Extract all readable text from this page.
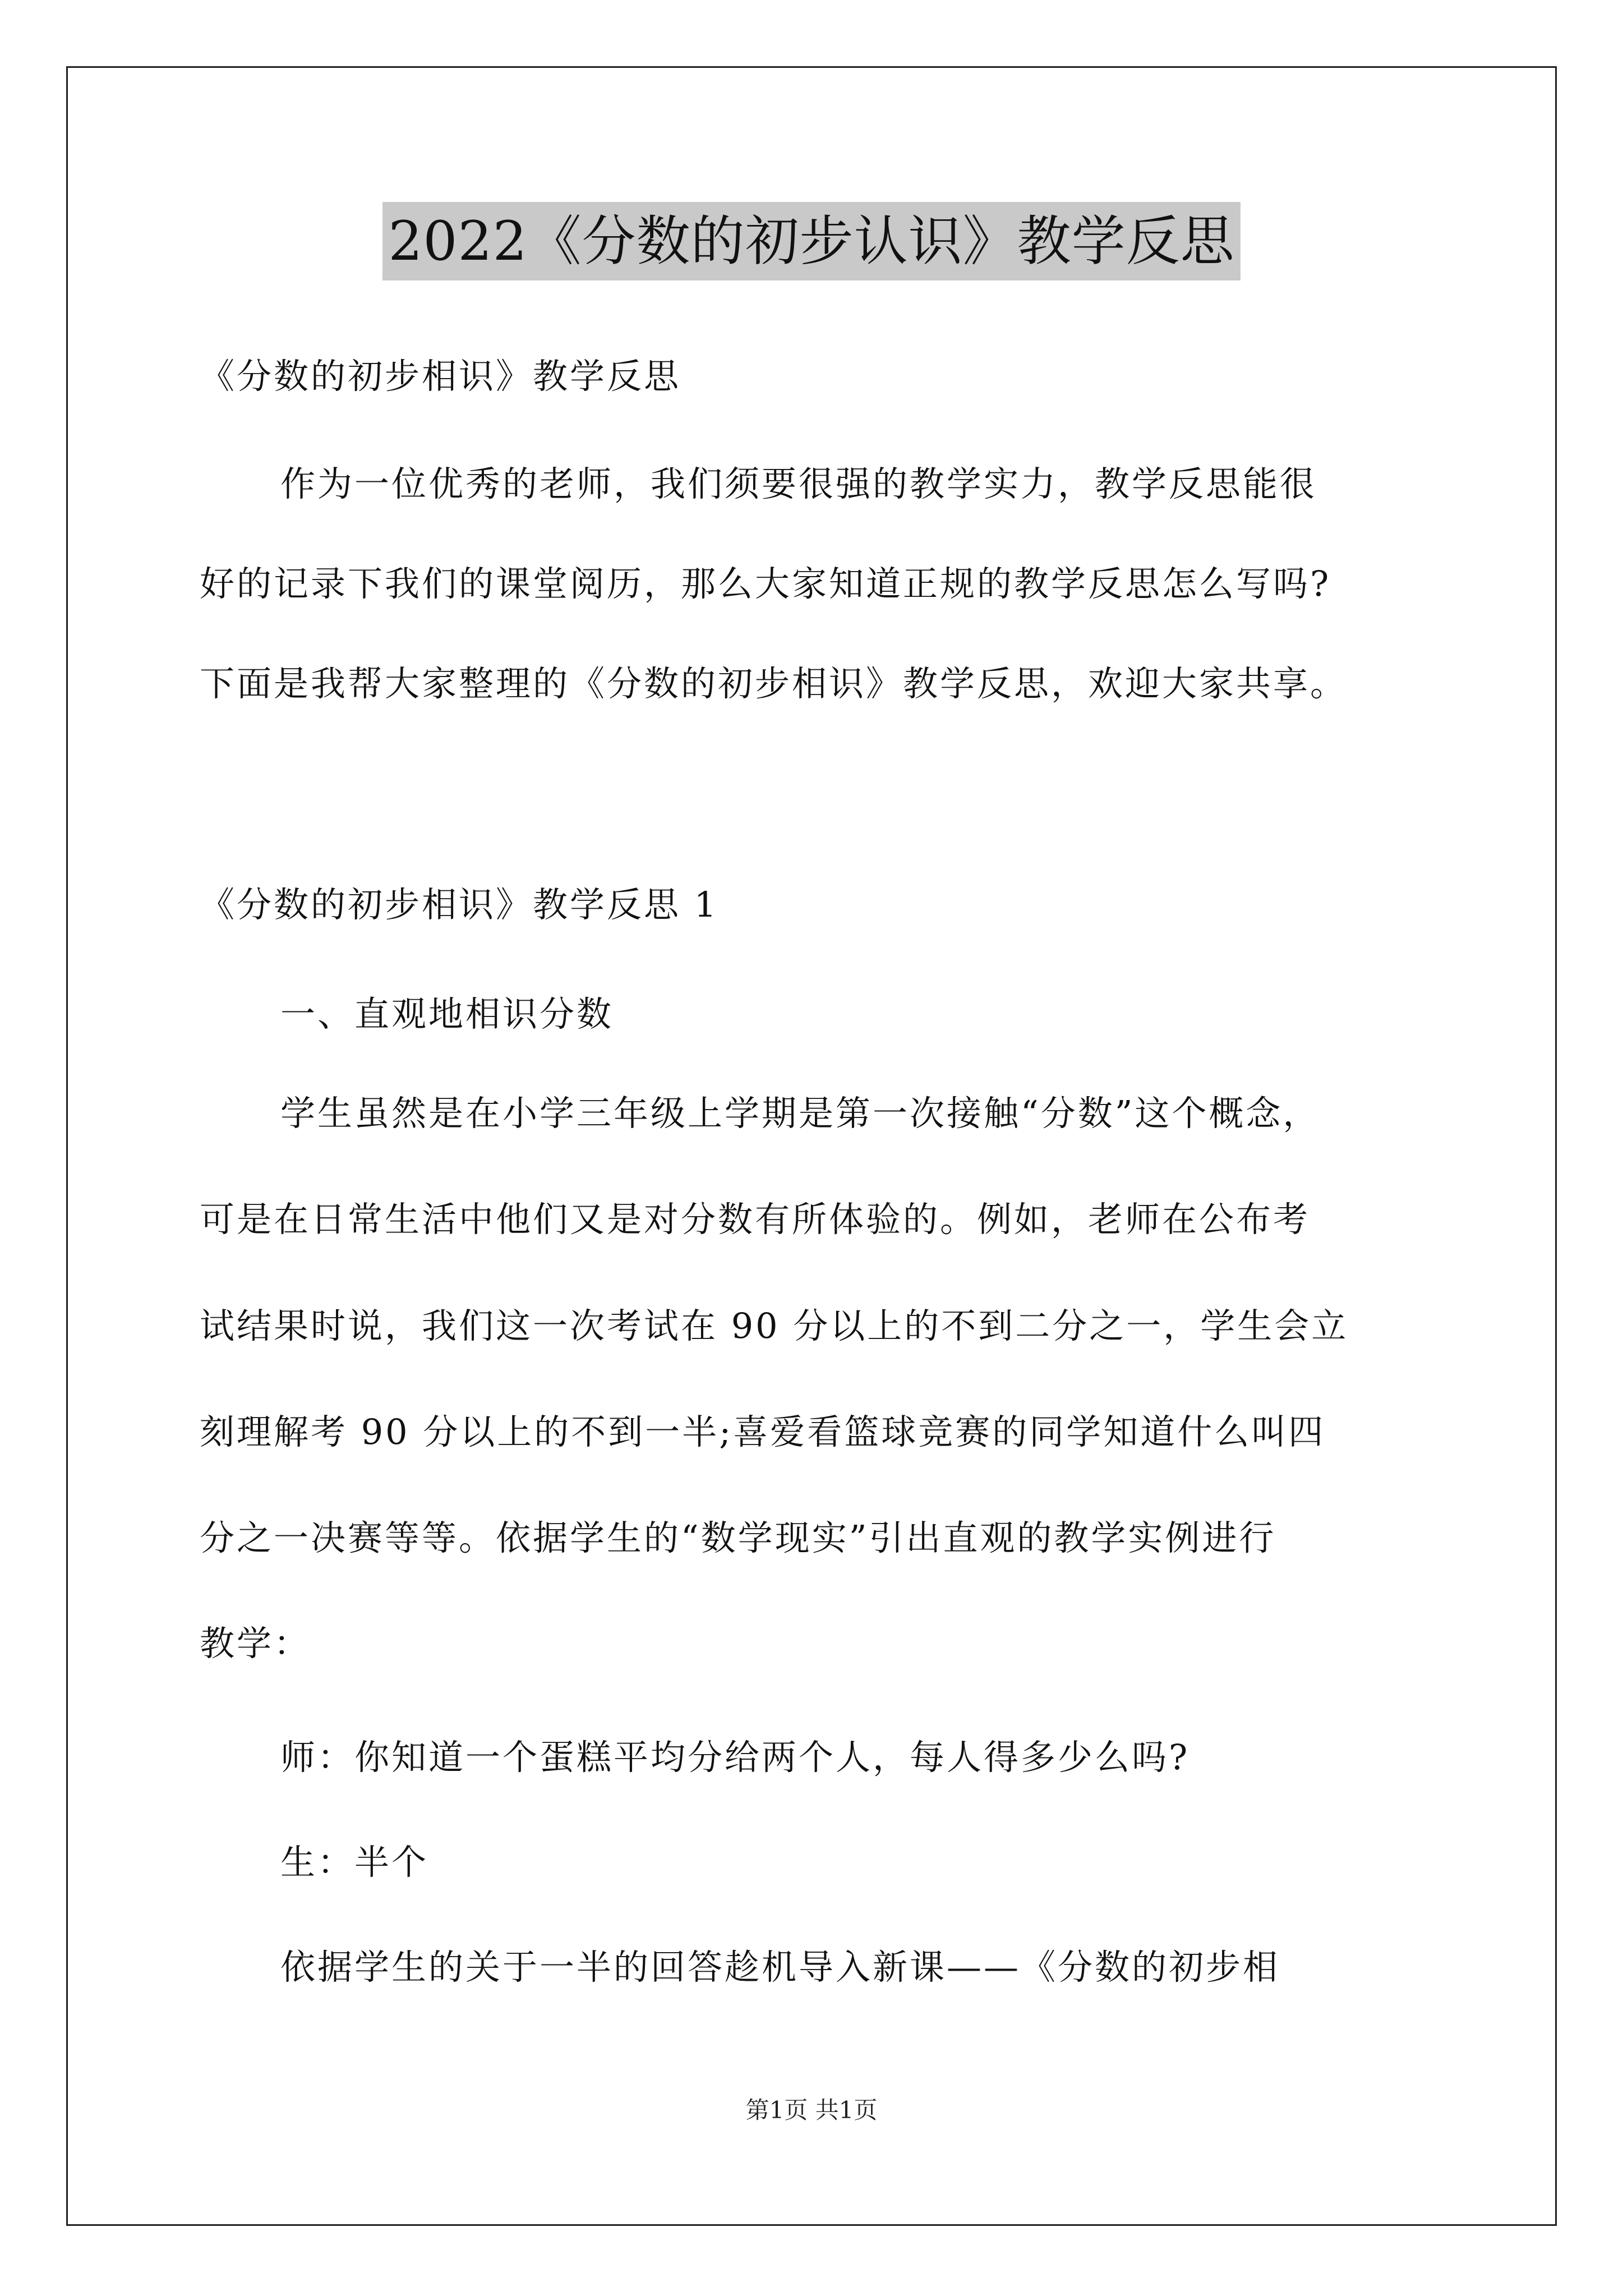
2022《分数的初步认识》教学反思
《分数的初步相识》教学反思
作为一位优秀的老师，我们须要很强的教学实力，教学反思能很
好的记录下我们的课堂阅历，那么大家知道正规的教学反思怎么写吗?
下面是我帮大家整理的《分数的初步相识》教学反思，欢迎大家共享。
《分数的初步相识》教学反思 1
一、直观地相识分数
学生虽然是在小学三年级上学期是第一次接触“分数”这个概念，
可是在日常生活中他们又是对分数有所体验的。例如，老师在公布考
试结果时说，我们这一次考试在 90 分以上的不到二分之一，学生会立
刻理解考 90 分以上的不到一半;喜爱看篮球竞赛的同学知道什么叫四
分之一决赛等等。依据学生的“数学现实”引出直观的教学实例进行
教学：
师：你知道一个蛋糕平均分给两个人，每人得多少么吗?
生：半个
依据学生的关于一半的回答趁机导入新课——《分数的初步相
第1页 共1页
